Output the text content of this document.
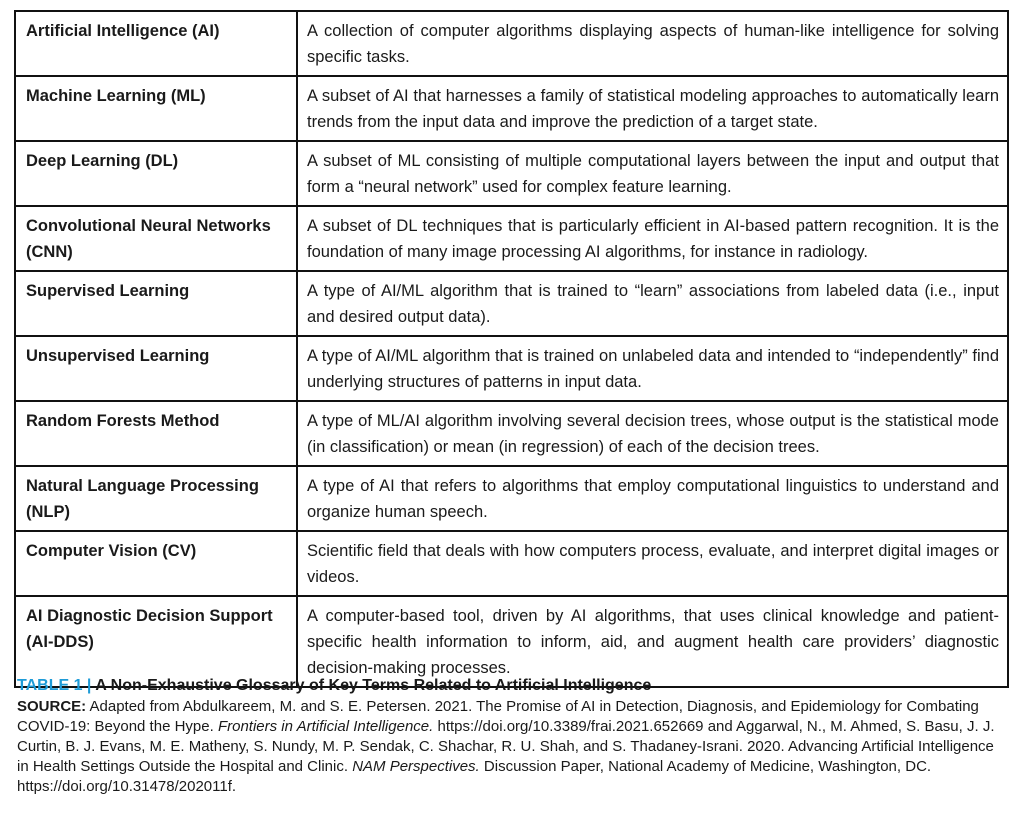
Artificial Intelligence (AI)	A collection of computer algorithms displaying aspects of human-like intelligence for solving specific tasks.
Machine Learning (ML)	A subset of AI that harnesses a family of statistical modeling approaches to automatically learn trends from the input data and improve the prediction of a target state.
Deep Learning (DL)	A subset of ML consisting of multiple computational layers between the input and output that form a “neural network” used for complex feature learning.
Convolutional Neural Networks (CNN)	A subset of DL techniques that is particularly efficient in AI-based pattern recognition. It is the foundation of many image processing AI algorithms, for instance in radiology.
Supervised Learning	A type of AI/ML algorithm that is trained to “learn” associations from labeled data (i.e., input and desired output data).
Unsupervised Learning	A type of AI/ML algorithm that is trained on unlabeled data and intended to “independently” find underlying structures of patterns in input data.
Random Forests Method	A type of ML/AI algorithm involving several decision trees, whose output is the statistical mode (in classification) or mean (in regression) of each of the decision trees.
Natural Language Processing (NLP)	A type of AI that refers to algorithms that employ computational linguistics to understand and organize human speech.
Computer Vision (CV)	Scientific field that deals with how computers process, evaluate, and interpret digital images or videos.
AI Diagnostic Decision Support (AI-DDS)	A computer-based tool, driven by AI algorithms, that uses clinical knowledge and patient-specific health information to inform, aid, and augment health care providers’ diagnostic decision-making processes.
TABLE 1 | A Non-Exhaustive Glossary of Key Terms Related to Artificial Intelligence
SOURCE: Adapted from Abdulkareem, M. and S. E. Petersen. 2021. The Promise of AI in Detection, Diagnosis, and Epidemiology for Combating COVID-19: Beyond the Hype. Frontiers in Artificial Intelligence. https://doi.org/10.3389/frai.2021.652669 and Aggarwal, N., M. Ahmed, S. Basu, J. J. Curtin, B. J. Evans, M. E. Matheny, S. Nundy, M. P. Sendak, C. Shachar, R. U. Shah, and S. Thadaney-Israni. 2020. Advancing Artificial Intelligence in Health Settings Outside the Hospital and Clinic. NAM Perspectives. Discussion Paper, National Academy of Medicine, Washington, DC. https://doi.org/10.31478/202011f.
